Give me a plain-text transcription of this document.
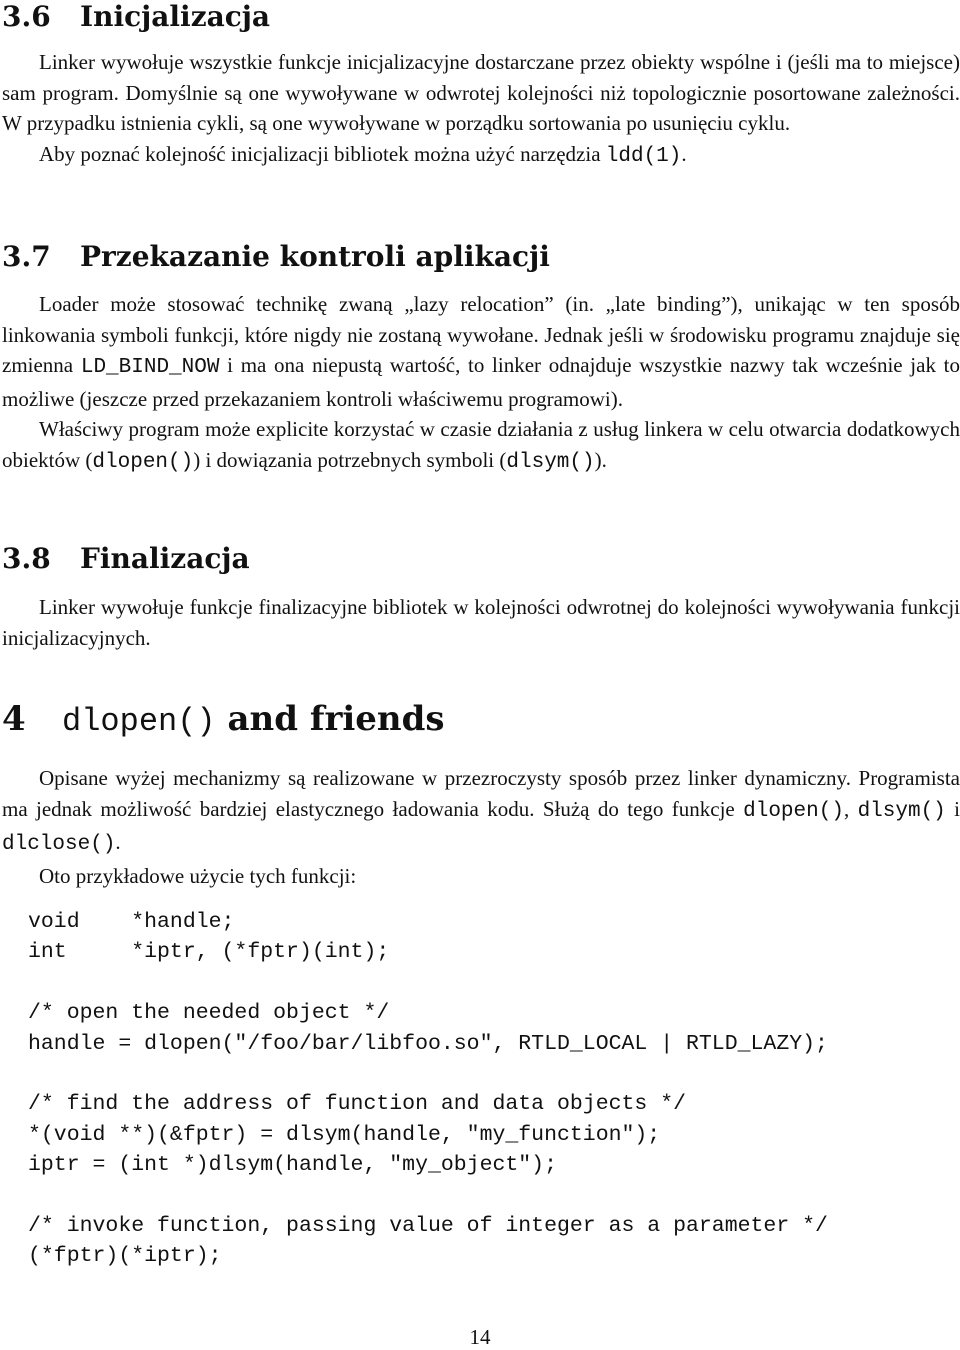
3.6 Inicjalizacja

Linker wywołuje wszystkie funkcje inicjalizacyjne dostarczane przez obiekty wspólne i (jeśli ma to miejsce) sam program. Domyślnie są one wywoływane w odwrotej kolejności niż topologicznie posortowane zależności. W przypadku istnienia cykli, są one wywoływane w porządku sortowania po usunięciu cyklu.

Aby poznać kolejność inicjalizacji bibliotek można użyć narzędzia ldd(1).

3.7 Przekazanie kontroli aplikacji

Loader może stosować technikę zwaną „lazy relocation” (in. „late binding”), unikając w ten sposób linkowania symboli funkcji, które nigdy nie zostaną wywołane. Jednak jeśli w środowisku programu znajduje się zmienna LD_BIND_NOW i ma ona niepustą wartość, to linker odnajduje wszystkie nazwy tak wcześnie jak to możliwe (jeszcze przed przekazaniem kontroli właściwemu programowi).

Właściwy program może explicite korzystać w czasie działania z usług linkera w celu otwarcia dodatkowych obiektów (dlopen()) i dowiązania potrzebnych symboli (dlsym()).

3.8 Finalizacja

Linker wywołuje funkcje finalizacyjne bibliotek w kolejności odwrotnej do kolejności wywoływania funkcji inicjalizacyjnych.

4 dlopen() and friends

Opisane wyżej mechanizmy są realizowane w przezroczysty sposób przez linker dynamiczny. Programista ma jednak możliwość bardziej elastycznego ładowania kodu. Służą do tego funkcje dlopen(), dlsym() i dlclose().

Oto przykładowe użycie tych funkcji:

void    *handle;
int     *iptr, (*fptr)(int);
/* open the needed object */
handle = dlopen("/foo/bar/libfoo.so", RTLD_LOCAL | RTLD_LAZY);
/* find the address of function and data objects */
*(void **)(&fptr) = dlsym(handle, "my_function");
iptr = (int *)dlsym(handle, "my_object");
/* invoke function, passing value of integer as a parameter */
(*fptr)(*iptr);
14
